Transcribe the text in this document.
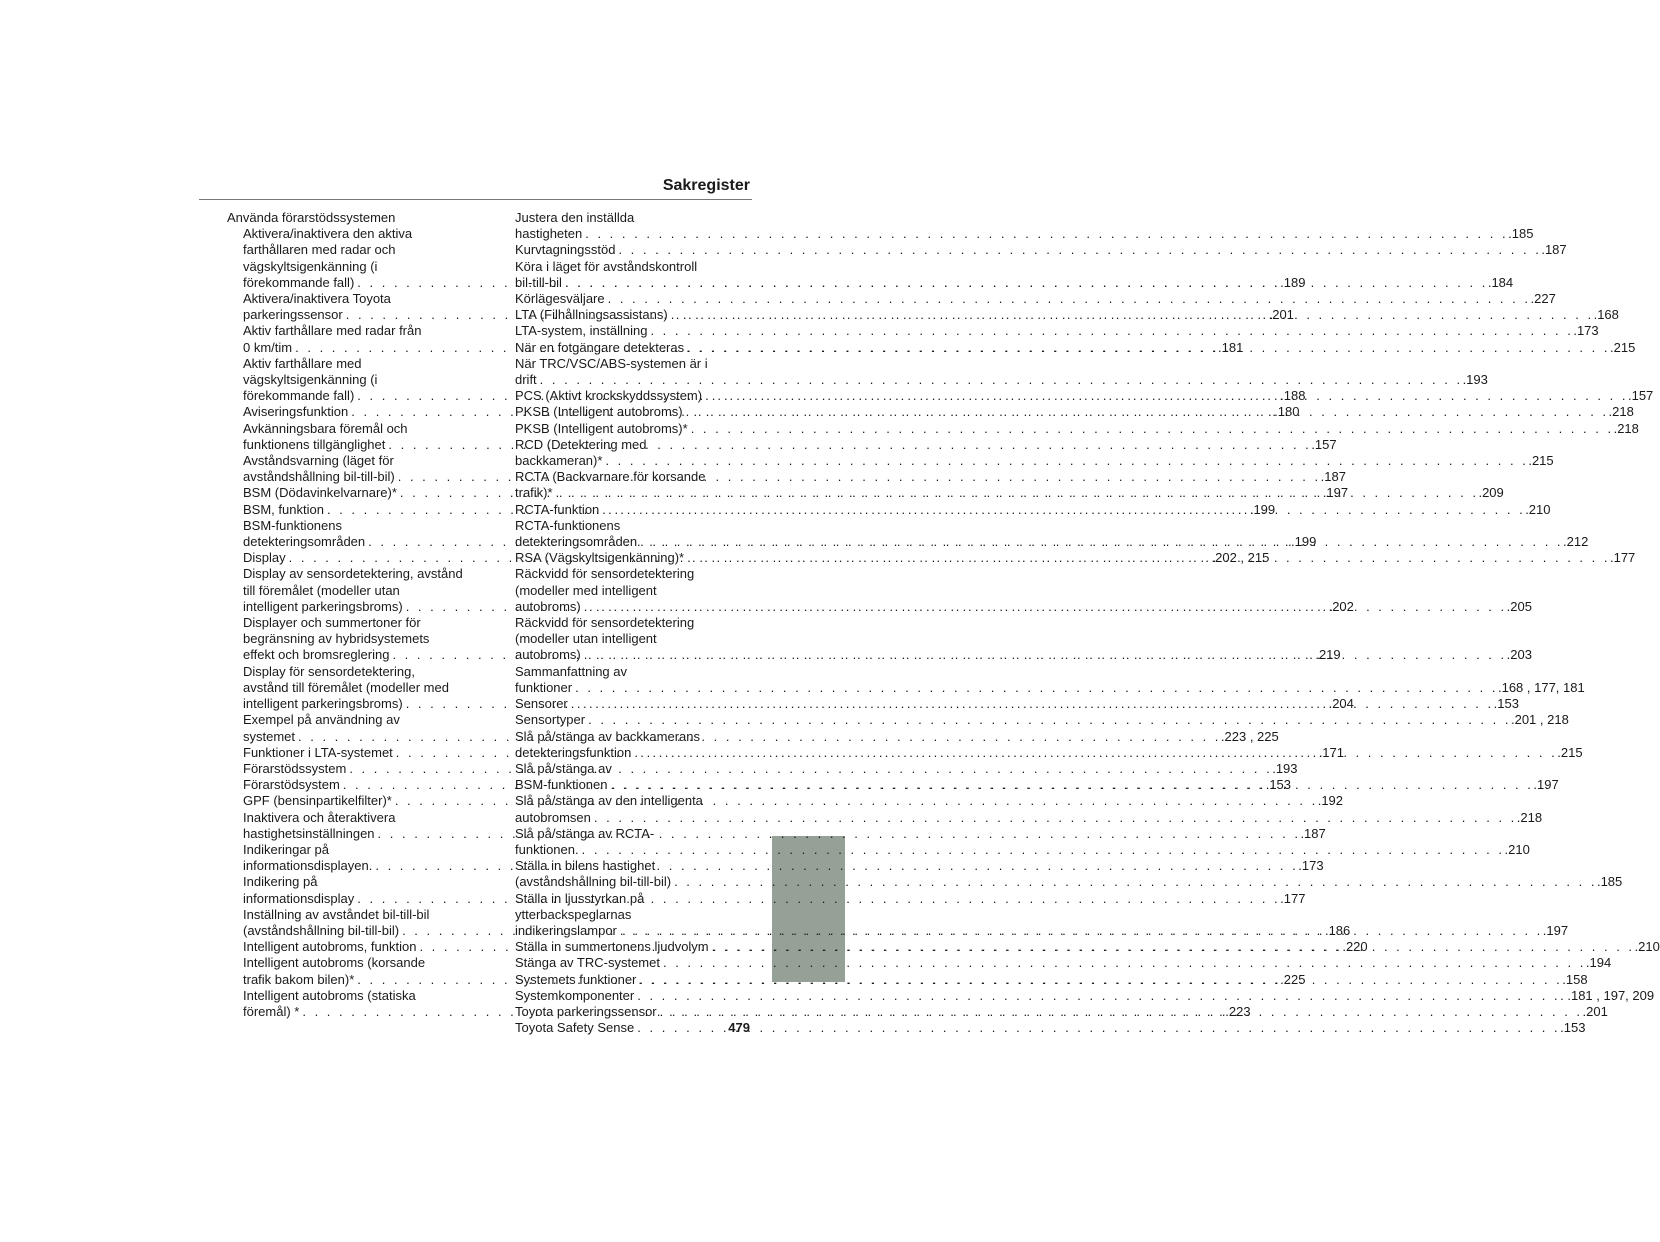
Sakregister
Använda förarstödssystemen
Aktivera/inaktivera den aktiva
farthållaren med radar och
vägskyltsigenkänning (i
förekommande fall) . . .	.189
Aktivera/inaktivera Toyota
parkeringssensor . . .	.201
Aktiv farthållare med radar från
0 km/tim . . .	.181
Aktiv farthållare med
vägskyltsigenkänning (i
förekommande fall) . . .	.188
Aviseringsfunktion . . .	.180
Avkänningsbara föremål och
funktionens tillgänglighet . . .	.157
Avståndsvarning (läget för
avståndshållning bil-till-bil) . . .	.187
BSM (Dödavinkelvarnare)* . . .	.197
BSM, funktion . . .	.199
BSM-funktionens
detekteringsområden . . .	.199
Display . . .	.202 , 215
Display av sensordetektering, avstånd
till föremålet (modeller utan
intelligent parkeringsbroms) . . .	.202
Displayer och summertoner för
begränsning av hybridsystemets
effekt och bromsreglering . . .	.219
Display för sensordetektering,
avstånd till föremålet (modeller med
intelligent parkeringsbroms) . . .	.204
Exempel på användning av
systemet . . .	.223 , 225
Funktioner i LTA-systemet . . .	.171
Förarstödssystem . . .	.193
Förarstödsystem . . .	.153
GPF (bensinpartikelfilter)* . . .	.192
Inaktivera och återaktivera
hastighetsinställningen . . .	.187
Indikeringar på
informationsdisplayen. . . .	.173
Indikering på
informationsdisplay . . .	.177
Inställning av avståndet bil-till-bil
(avståndshållning bil-till-bil) . . .	.186
Intelligent autobroms, funktion . . .	.220
Intelligent autobroms (korsande
trafik bakom bilen)* . . .	.225
Intelligent autobroms (statiska
föremål) * . . .	.223
Justera den inställda
hastigheten . . .	.185
Kurvtagningsstöd . . .	.187
Köra i läget för avståndskontroll
bil-till-bil . . .	.184
Körlägesväljare . . .	.227
LTA (Filhållningsassistans) . . .	.168
LTA-system, inställning . . .	.173
När en fotgängare detekteras . . .	.215
När TRC/VSC/ABS-systemen är i
drift . . .	.193
PCS (Aktivt krockskyddssystem) . . .	.157
PKSB (Intelligent autobroms) . . .	.218
PKSB (Intelligent autobroms)* . . .	.218
RCD (Detektering med
backkameran)* . . .	.215
RCTA (Backvarnare för korsande
trafik)* . . .	.209
RCTA-funktion . . .	.210
RCTA-funktionens
detekteringsområden . . .	.212
RSA (Vägskyltsigenkänning)* . . .	.177
Räckvidd för sensordetektering
(modeller med intelligent
autobroms) . . .	.205
Räckvidd för sensordetektering
(modeller utan intelligent
autobroms) . . .	.203
Sammanfattning av
funktioner . . .	.168 , 177, 181
Sensorer . . .	.153
Sensortyper . . .	.201 , 218
Slå på/stänga av backkamerans
detekteringsfunktion . . .	.215
Slå på/stänga av
BSM-funktionen . . .	.197
Slå på/stänga av den intelligenta
autobromsen . . .	.218
Slå på/stänga av RCTA-
funktionen. . . .	.210
Ställa in bilens hastighet
(avståndshållning bil-till-bil) . . .	.185
Ställa in ljusstyrkan på
ytterbackspeglarnas
indikeringslampor . . .	.197
Ställa in summertonens ljudvolym . . .	.210
Stänga av TRC-systemet . . .	.194
Systemets funktioner . . .	.158
Systemkomponenter . . .	. .181 , 197, 209
Toyota parkeringssensor . . .	.201
Toyota Safety Sense . . .	.153
479
